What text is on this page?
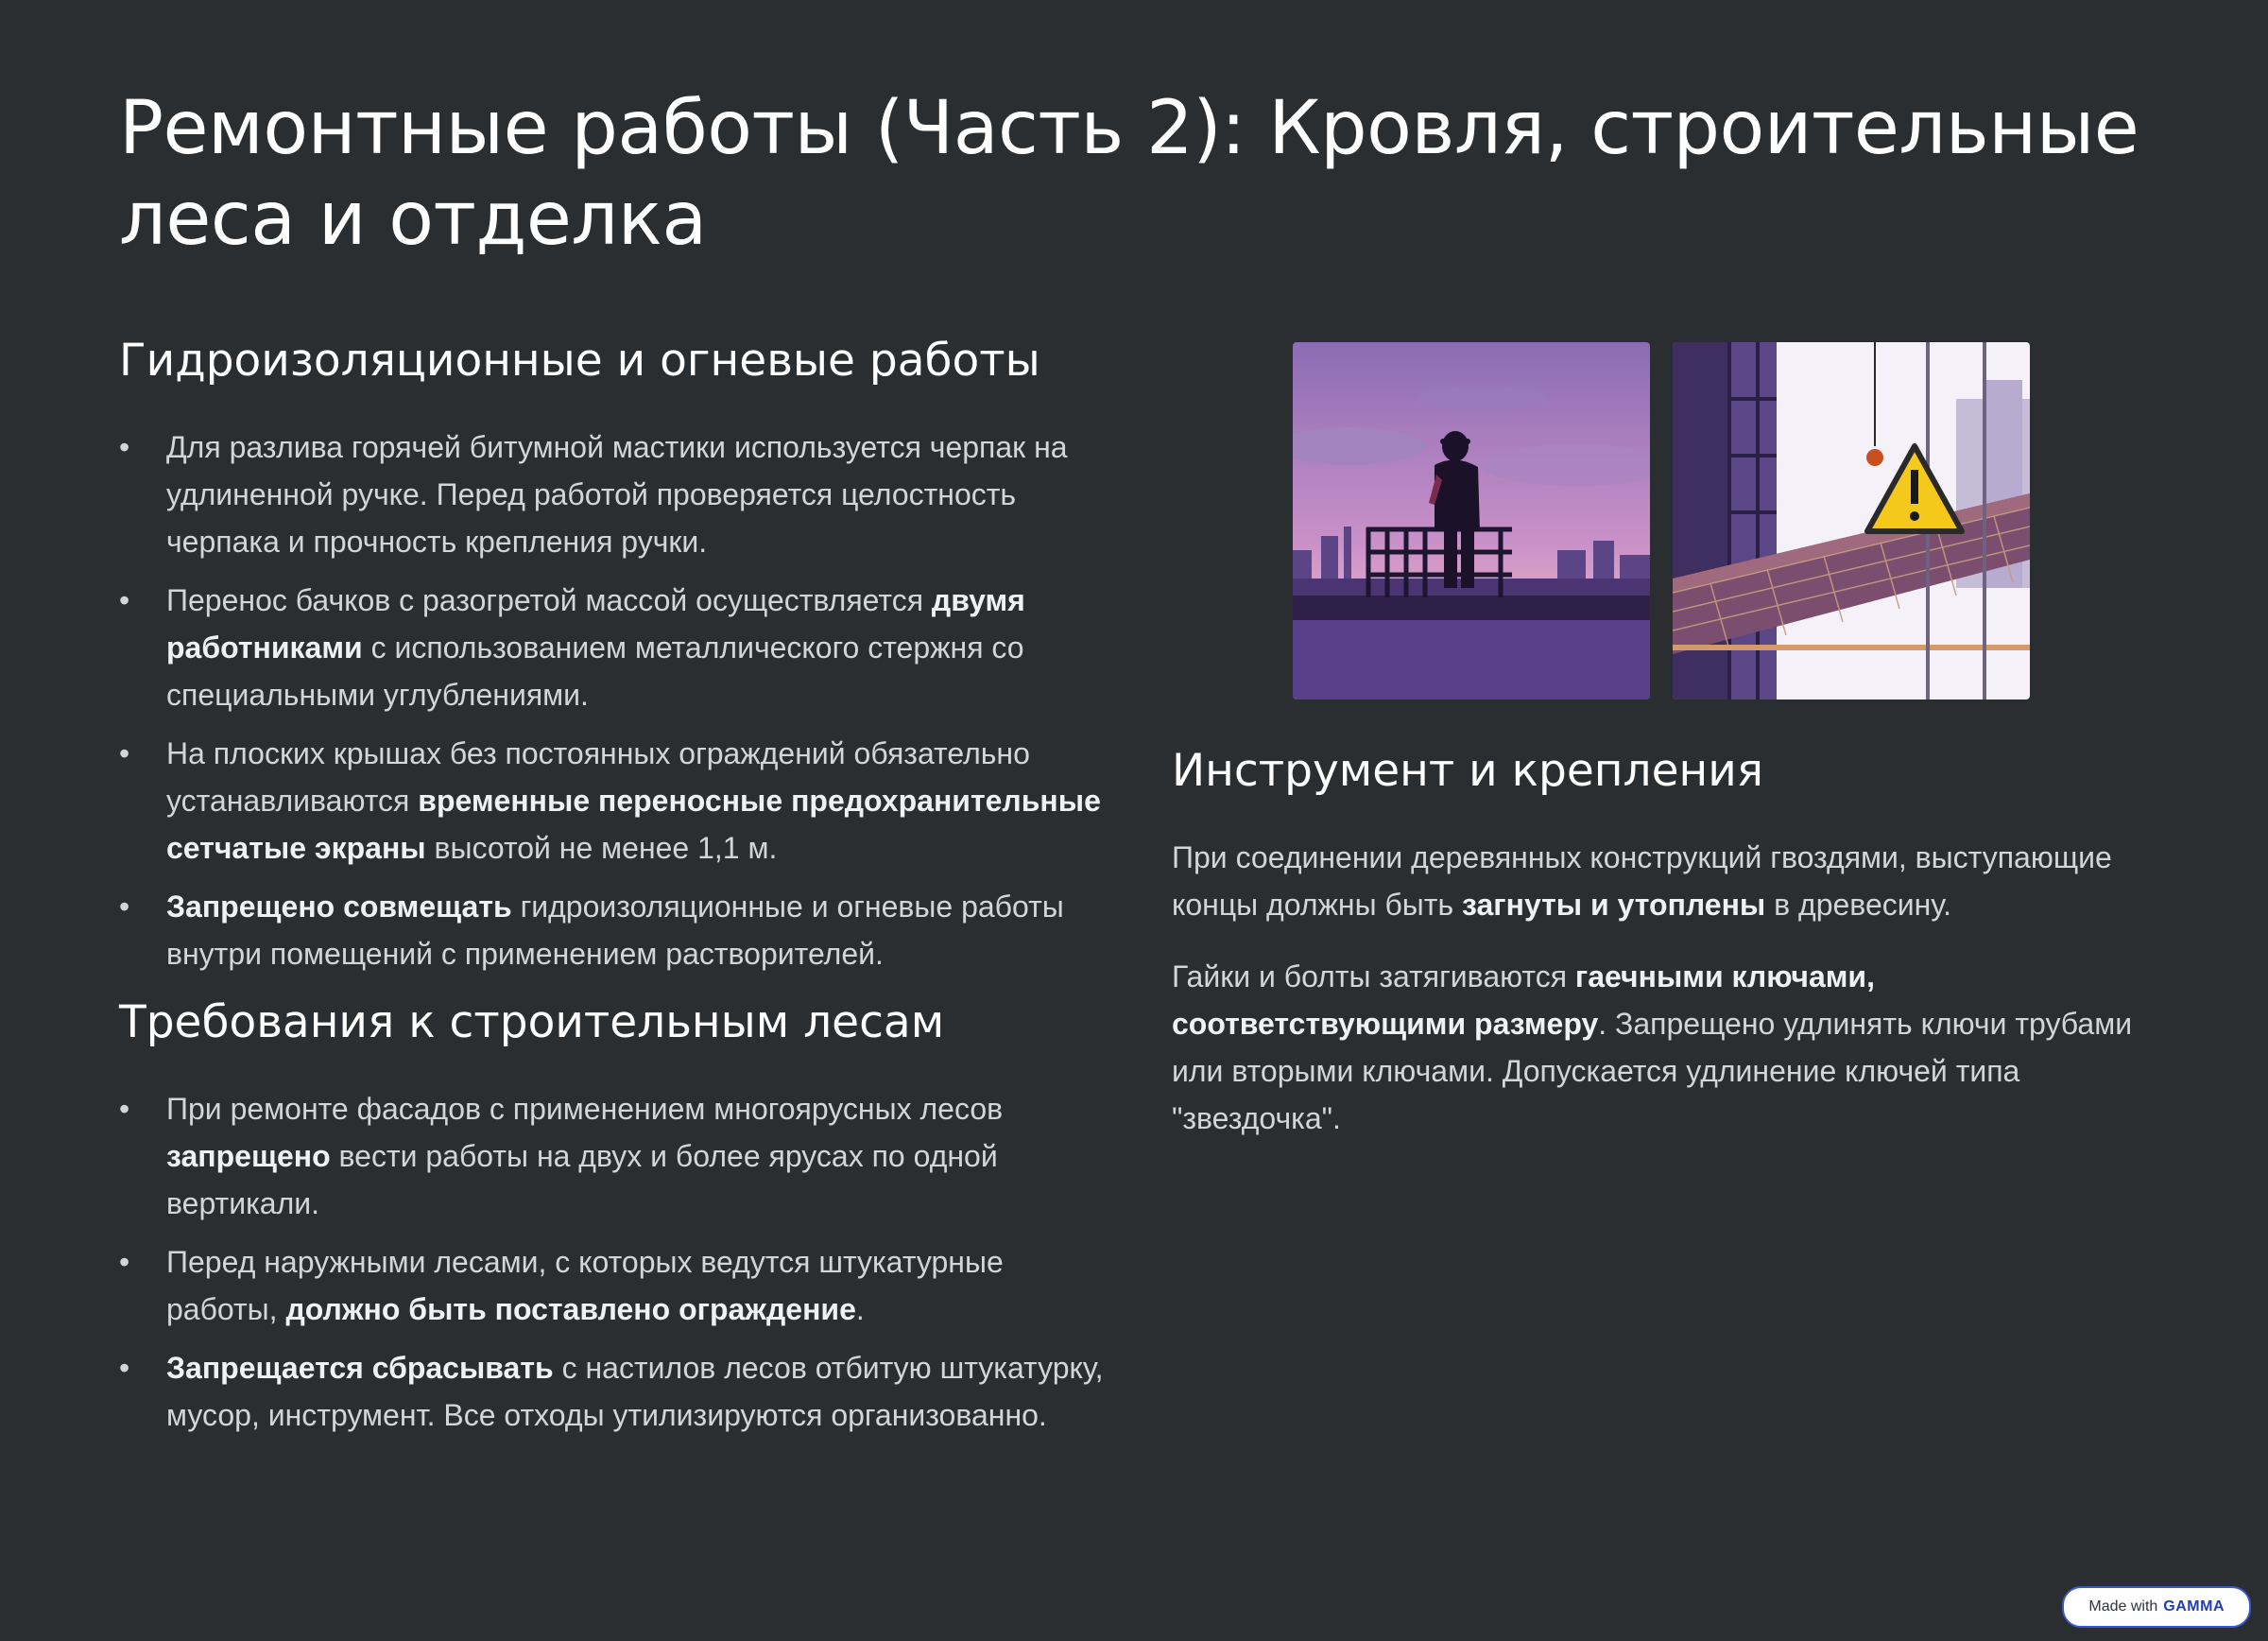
Ремонтные работы (Часть 2): Кровля, строительные леса и отделка
Гидроизоляционные и огневые работы
•	Для разлива горячей битумной мастики используется черпак на удлиненной ручке. Перед работой проверяется целостность черпака и прочность крепления ручки.
•	Перенос бачков с разогретой массой осуществляется двумя работниками с использованием металлического стержня со специальными углублениями.
•	На плоских крышах без постоянных ограждений обязательно устанавливаются временные переносные предохранительные сетчатые экраны высотой не менее 1,1 м.
•	Запрещено совмещать гидроизоляционные и огневые работы внутри помещений с применением растворителей.
Требования к строительным лесам
•	При ремонте фасадов с применением многоярусных лесов запрещено вести работы на двух и более ярусах по одной вертикали.
•	Перед наружными лесами, с которых ведутся штукатурные работы, должно быть поставлено ограждение.
•	Запрещается сбрасывать с настилов лесов отбитую штукатурку, мусор, инструмент. Все отходы утилизируются организованно.
Инструмент и крепления

При соединении деревянных конструкций гвоздями, выступающие концы должны быть загнуты и утоплены в древесину.

Гайки и болты затягиваются гаечными ключами, соответствующими размеру. Запрещено удлинять ключи трубами или вторыми ключами. Допускается удлинение ключей типа "звездочка".

Made with GAMMA
